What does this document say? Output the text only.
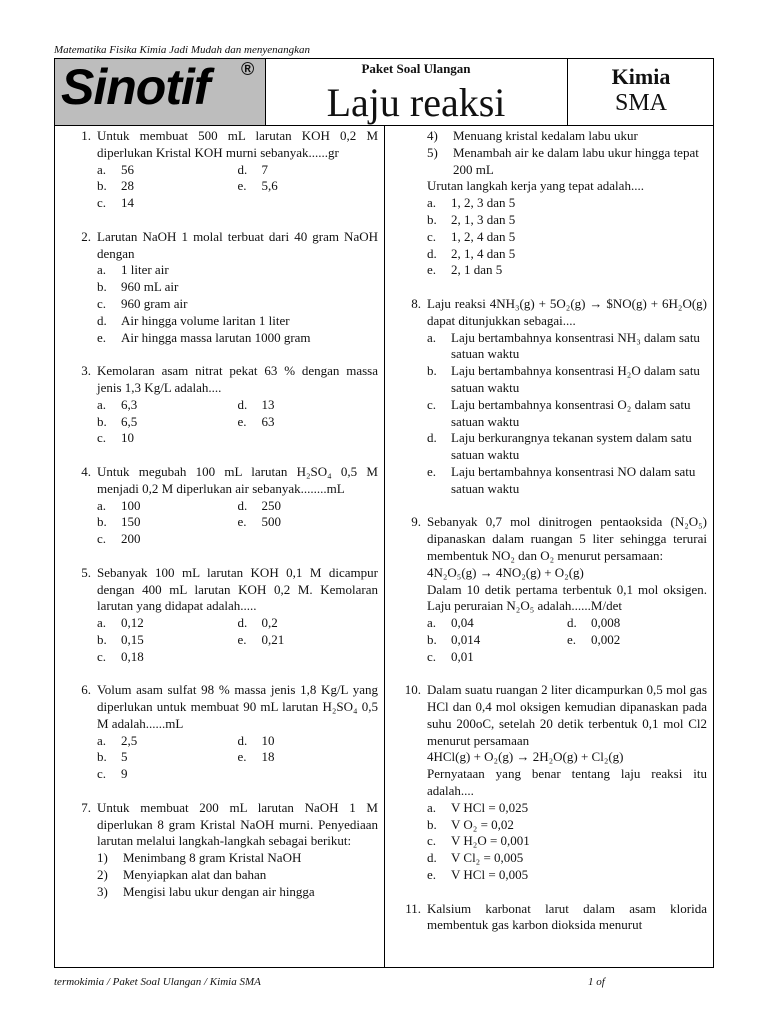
Matematika Fisika Kimia Jadi Mudah dan menyenangkan
Sinotif ®	Paket Soal Ulangan
Laju reaksi
Kimia
SMA
1. Untuk membuat 500 mL larutan KOH 0,2 M diperlukan Kristal KOH murni sebanyak......gr
a.	56	d.	7
b.	28	e.	5,6
c.	14
2. Larutan NaOH 1 molal terbuat dari 40 gram NaOH dengan
a.	1 liter air
b.	960 mL air
c.	960 gram air
d.	Air hingga volume laritan 1 liter
e.	Air hingga massa larutan 1000 gram
3. Kemolaran asam nitrat pekat 63 % dengan massa jenis 1,3 Kg/L adalah....
a.	6,3	d.	13
b.	6,5	e.	63
c.	10
4. Untuk megubah 100 mL larutan H₂SO₄ 0,5 M menjadi 0,2 M diperlukan air sebanyak........mL
a.	100	d.	250
b.	150	e.	500
c.	200
5. Sebanyak 100 mL larutan KOH 0,1 M dicampur dengan 400 mL larutan KOH 0,2 M. Kemolaran larutan yang didapat adalah.....
a.	0,12	d.	0,2
b.	0,15	e.	0,21
c.	0,18
6. Volum asam sulfat 98 % massa jenis 1,8 Kg/L yang diperlukan untuk membuat 90 mL larutan H₂SO₄ 0,5 M adalah......mL
a.	2,5	d.	10
b.	5	e.	18
c.	9
7. Untuk membuat 200 mL larutan NaOH 1 M diperlukan 8 gram Kristal NaOH murni. Penyediaan larutan melalui langkah-langkah sebagai berikut:
1)	Menimbang 8 gram Kristal NaOH
2)	Menyiapkan alat dan bahan
3)	Mengisi labu ukur dengan air hingga
4)	Menuang kristal kedalam labu ukur
5)	Menambah air ke dalam labu ukur hingga tepat 200 mL
Urutan langkah kerja yang tepat adalah....
a.	1, 2, 3 dan 5
b.	2, 1, 3 dan 5
c.	1, 2, 4 dan 5
d.	2, 1, 4 dan 5
e.	2, 1 dan 5
8. Laju reaksi 4NH₃(g) + 5O₂(g) → $NO(g) + 6H₂O(g) dapat ditunjukkan sebagai....
a.	Laju bertambahnya konsentrasi NH₃ dalam satu satuan waktu
b.	Laju bertambahnya konsentrasi H₂O dalam satu satuan waktu
c.	Laju bertambahnya konsentrasi O₂ dalam satu satuan waktu
d.	Laju berkurangnya tekanan system dalam satu satuan waktu
e.	Laju bertambahnya konsentrasi NO dalam satu satuan waktu
9. Sebanyak 0,7 mol dinitrogen pentaoksida (N₂O₅) dipanaskan dalam ruangan 5 liter sehingga terurai membentuk NO₂ dan O₂ menurut persamaan:
4N₂O₅(g) → 4NO₂(g) + O₂(g)
Dalam 10 detik pertama terbentuk 0,1 mol oksigen. Laju peruraian N₂O₅ adalah......M/det
a.	0,04	d.	0,008
b.	0,014	e.	0,002
c.	0,01
10. Dalam suatu ruangan 2 liter dicampurkan 0,5 mol gas HCl dan 0,4 mol oksigen kemudian dipanaskan pada suhu 200oC, setelah 20 detik terbentuk 0,1 mol Cl2 menurut persamaan
4HCl(g) + O₂(g) → 2H₂O(g) + Cl₂(g)
Pernyataan yang benar tentang laju reaksi itu adalah....
a.	V HCl = 0,025
b.	V O₂ = 0,02
c.	V H₂O = 0,001
d.	V Cl₂ = 0,005
e.	V HCl = 0,005
11. Kalsium karbonat larut dalam asam klorida membentuk gas karbon dioksida menurut
termokimia / Paket Soal Ulangan / Kimia SMA	1 of
